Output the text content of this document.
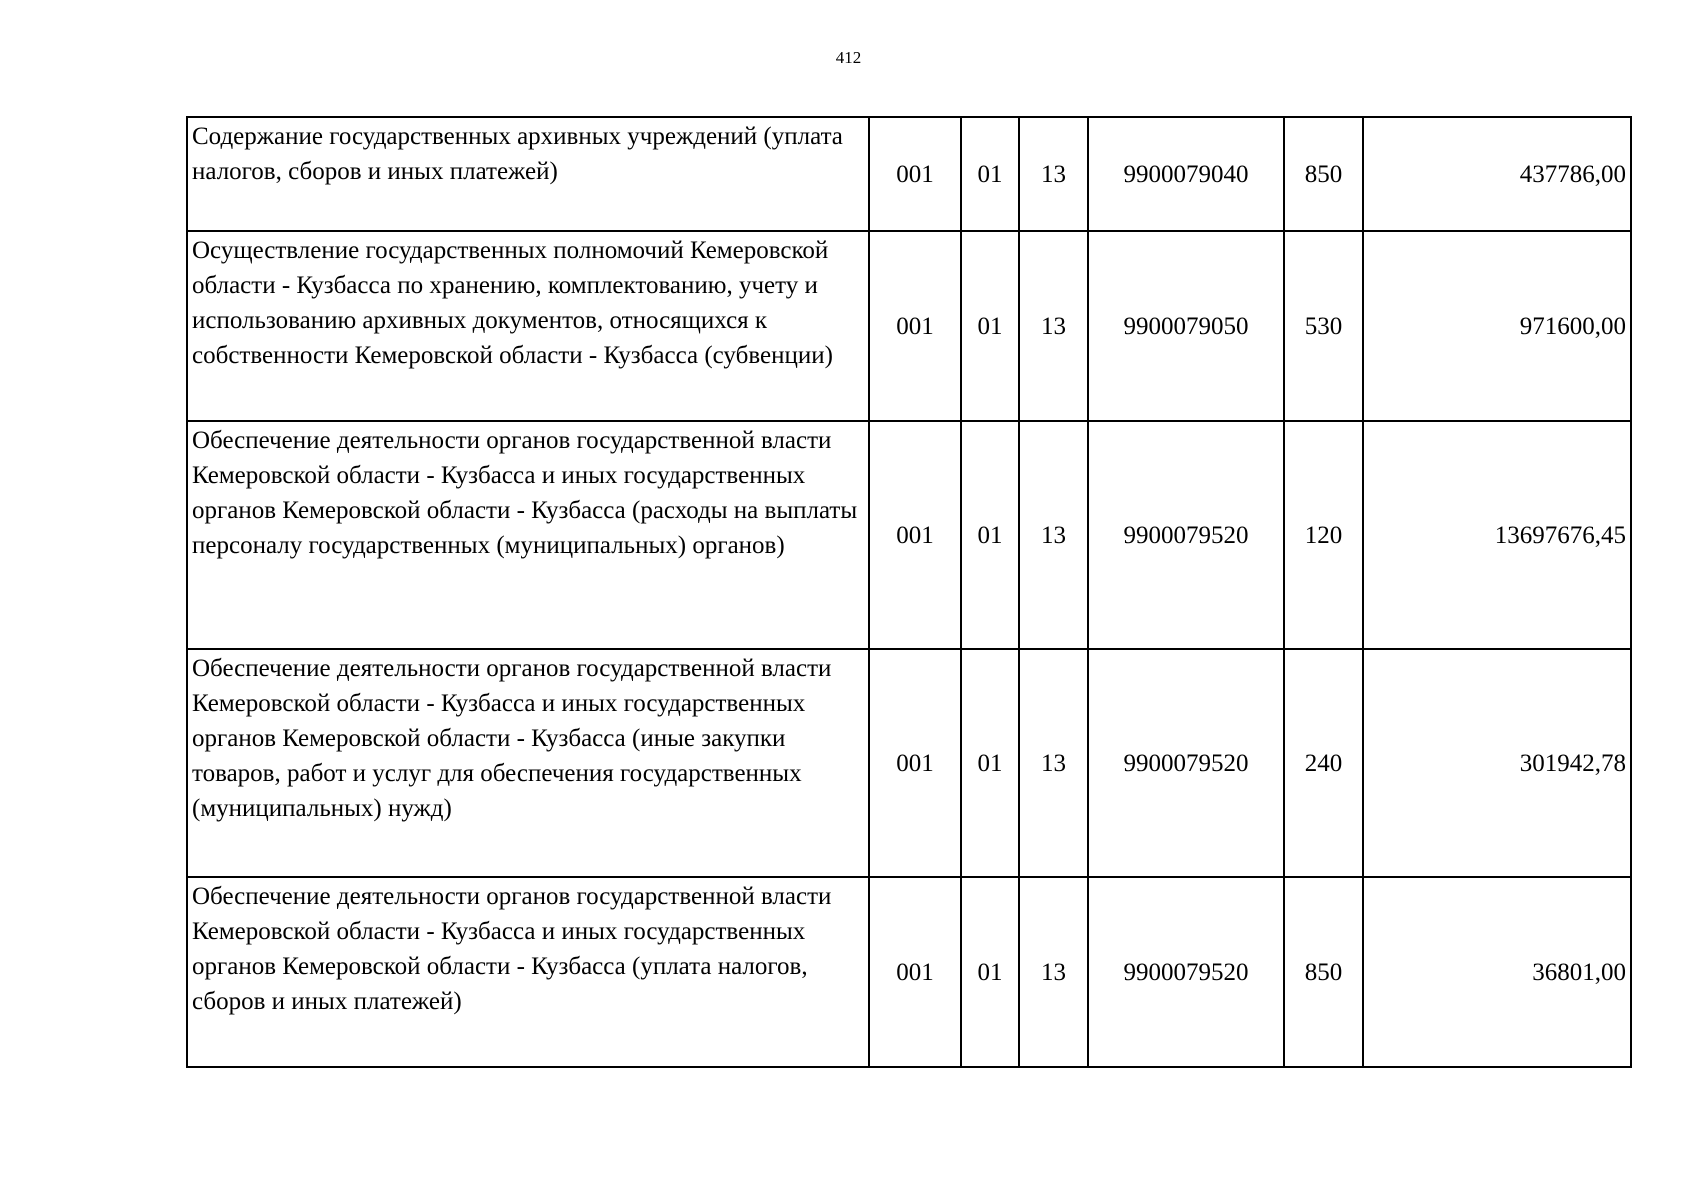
412
Содержание государственных архивных учреждений (уплата налогов, сборов и иных платежей)	001	01	13	9900079040	850	437786,00
Осуществление государственных полномочий Кемеровской области - Кузбасса по хранению, комплектованию, учету и использованию архивных документов, относящихся к собственности Кемеровской области - Кузбасса (субвенции)	001	01	13	9900079050	530	971600,00
Обеспечение деятельности органов государственной власти Кемеровской области - Кузбасса и иных государственных органов Кемеровской области - Кузбасса (расходы на выплаты персоналу государственных (муниципальных) органов)	001	01	13	9900079520	120	13697676,45
Обеспечение деятельности органов государственной власти Кемеровской области - Кузбасса и иных государственных органов Кемеровской области - Кузбасса (иные закупки товаров, работ и услуг для обеспечения государственных (муниципальных) нужд)	001	01	13	9900079520	240	301942,78
Обеспечение деятельности органов государственной власти Кемеровской области - Кузбасса и иных государственных органов Кемеровской области - Кузбасса (уплата налогов, сборов и иных платежей)	001	01	13	9900079520	850	36801,00
